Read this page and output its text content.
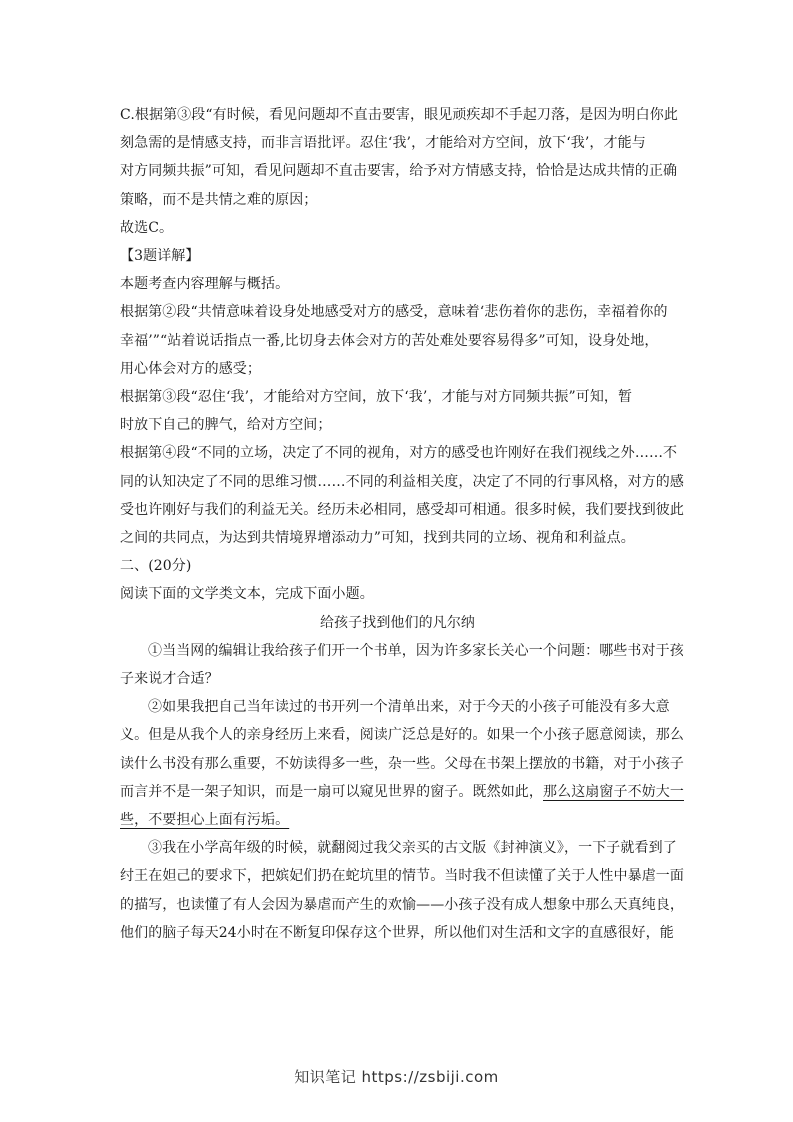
C.根据第③段“有时候，看见问题却不直击要害，眼见顽疾却不手起刀落，是因为明白你此
刻急需的是情感支持，而非言语批评。忍住‘我’，才能给对方空间，放下‘我’，才能与
对方同频共振”可知，看见问题却不直击要害，给予对方情感支持，恰恰是达成共情的正确
策略，而不是共情之难的原因；
故选C。
【3题详解】
本题考查内容理解与概括。
根据第②段“共情意味着设身处地感受对方的感受，意味着‘悲伤着你的悲伤，幸福着你的
幸福’”“站着说话指点一番,比切身去体会对方的苦处难处要容易得多”可知，设身处地，
用心体会对方的感受；
根据第③段“忍住‘我’，才能给对方空间，放下‘我’，才能与对方同频共振”可知，暂
时放下自己的脾气，给对方空间；
根据第④段“不同的立场，决定了不同的视角，对方的感受也许刚好在我们视线之外……不
同的认知决定了不同的思维习惯……不同的利益相关度，决定了不同的行事风格，对方的感
受也许刚好与我们的利益无关。经历未必相同，感受却可相通。很多时候，我们要找到彼此
之间的共同点，为达到共情境界增添动力”可知，找到共同的立场、视角和利益点。
二、(20分)
阅读下面的文学类文本，完成下面小题。
给孩子找到他们的凡尔纳
①当当网的编辑让我给孩子们开一个书单，因为许多家长关心一个问题：哪些书对于孩
子来说才合适？
②如果我把自己当年读过的书开列一个清单出来，对于今天的小孩子可能没有多大意
义。但是从我个人的亲身经历上来看，阅读广泛总是好的。如果一个小孩子愿意阅读，那么
读什么书没有那么重要，不妨读得多一些，杂一些。父母在书架上摆放的书籍，对于小孩子
而言并不是一架子知识，而是一扇可以窥见世界的窗子。既然如此，那么这扇窗子不妨大一
些，不要担心上面有污垢。
③我在小学高年级的时候，就翻阅过我父亲买的古文版《封神演义》，一下子就看到了
纣王在妲己的要求下，把嫔妃们扔在蛇坑里的情节。当时我不但读懂了关于人性中暴虐一面
的描写，也读懂了有人会因为暴虐而产生的欢愉——小孩子没有成人想象中那么天真纯良，
他们的脑子每天24小时在不断复印保存这个世界，所以他们对生活和文字的直感很好，能
知识笔记 https://zsbiji.com
